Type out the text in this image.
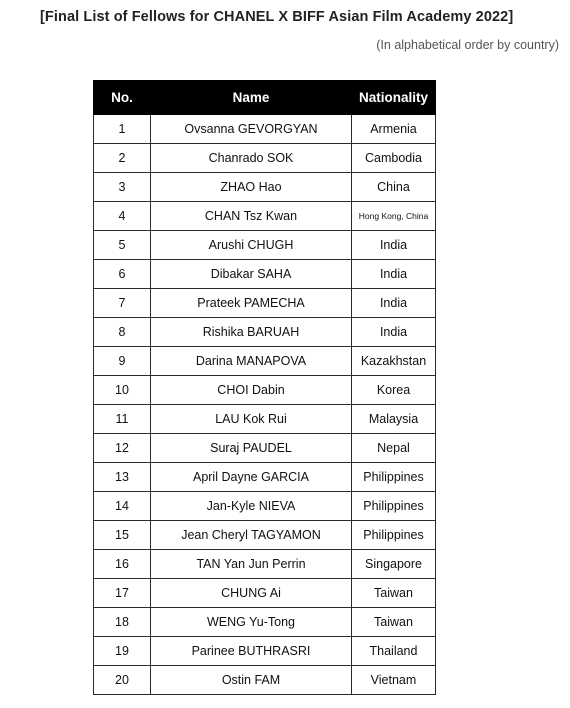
[Final List of Fellows for CHANEL X BIFF Asian Film Academy 2022]
(In alphabetical order by country)
No.	Name	Nationality
1	Ovsanna GEVORGYAN	Armenia
2	Chanrado SOK	Cambodia
3	ZHAO Hao	China
4	CHAN Tsz Kwan	Hong Kong, China
5	Arushi CHUGH	India
6	Dibakar SAHA	India
7	Prateek PAMECHA	India
8	Rishika BARUAH	India
9	Darina MANAPOVA	Kazakhstan
10	CHOI Dabin	Korea
11	LAU Kok Rui	Malaysia
12	Suraj PAUDEL	Nepal
13	April Dayne GARCIA	Philippines
14	Jan-Kyle NIEVA	Philippines
15	Jean Cheryl TAGYAMON	Philippines
16	TAN Yan Jun Perrin	Singapore
17	CHUNG Ai	Taiwan
18	WENG Yu-Tong	Taiwan
19	Parinee BUTHRASRI	Thailand
20	Ostin FAM	Vietnam
